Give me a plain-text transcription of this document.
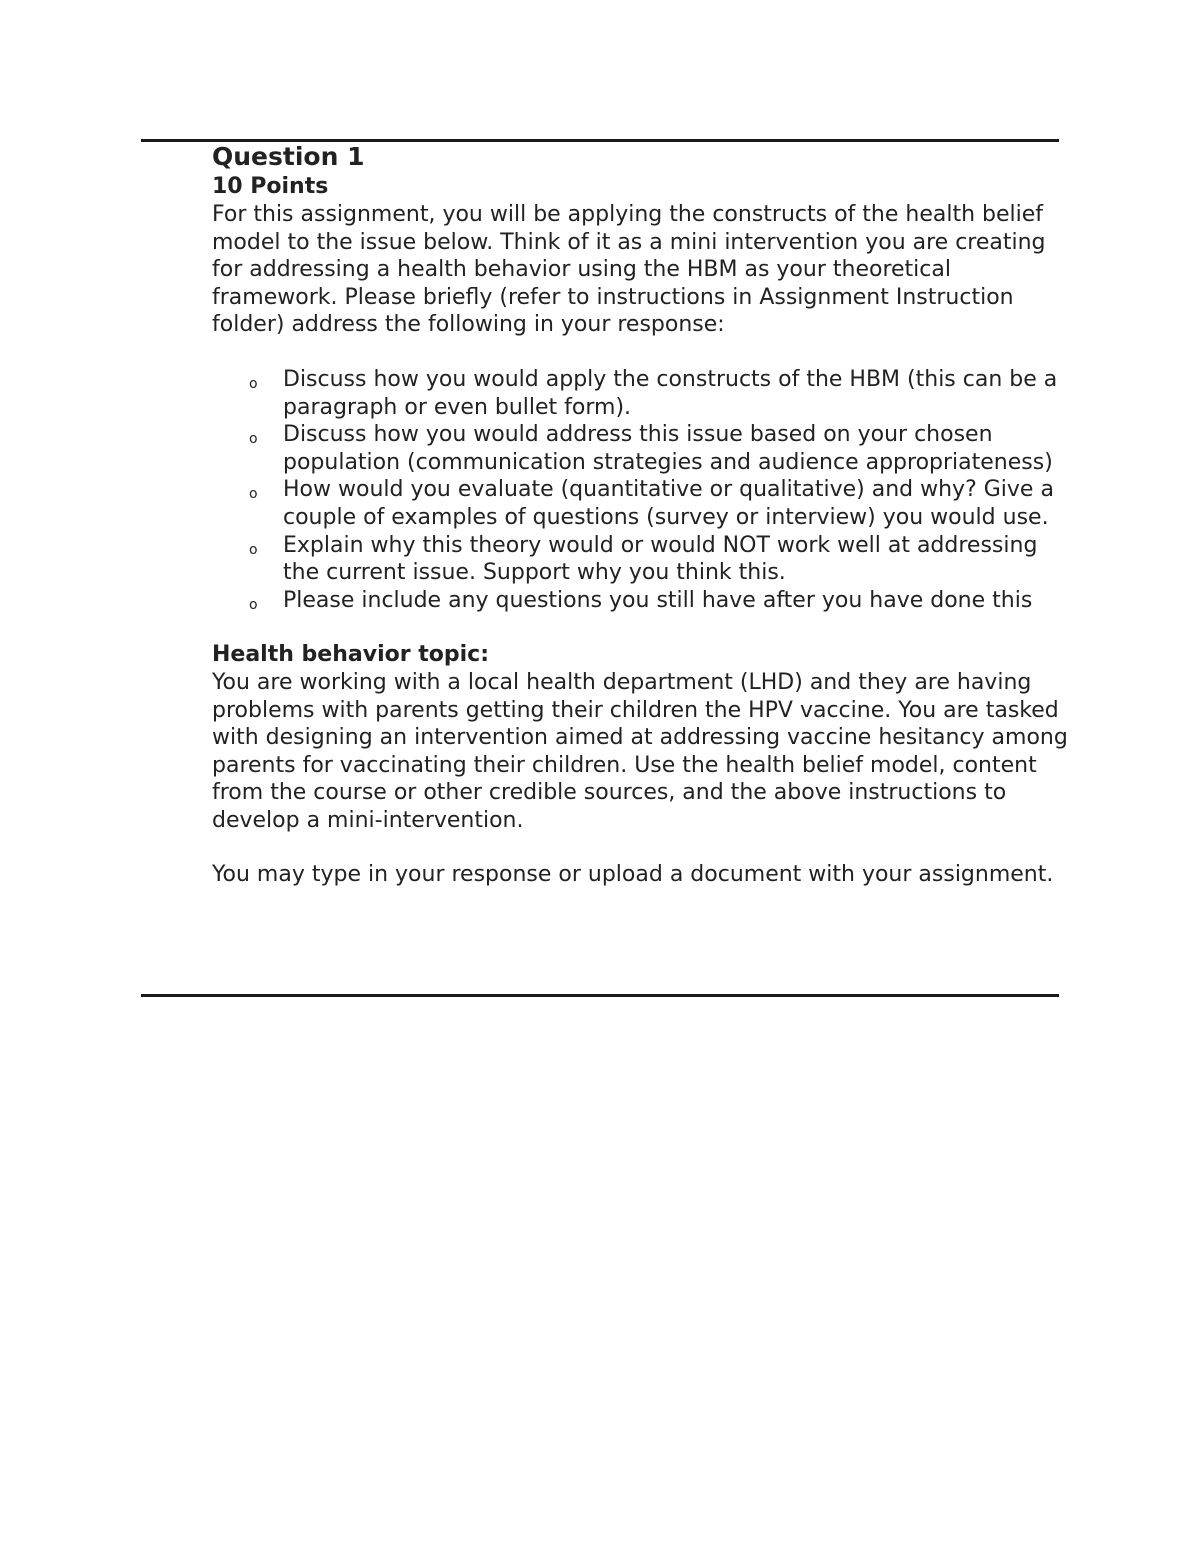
Question 1
10 Points

For this assignment, you will be applying the constructs of the health belief model to the issue below. Think of it as a mini intervention you are creating for addressing a health behavior using the HBM as your theoretical framework. Please briefly (refer to instructions in Assignment Instruction folder) address the following in your response:

o Discuss how you would apply the constructs of the HBM (this can be a paragraph or even bullet form).
o Discuss how you would address this issue based on your chosen population (communication strategies and audience appropriateness)
o How would you evaluate (quantitative or qualitative) and why? Give a couple of examples of questions (survey or interview) you would use.
o Explain why this theory would or would NOT work well at addressing the current issue. Support why you think this.
o Please include any questions you still have after you have done this
Health behavior topic:

You are working with a local health department (LHD) and they are having problems with parents getting their children the HPV vaccine. You are tasked with designing an intervention aimed at addressing vaccine hesitancy among parents for vaccinating their children. Use the health belief model, content from the course or other credible sources, and the above instructions to develop a mini-intervention.

You may type in your response or upload a document with your assignment.
